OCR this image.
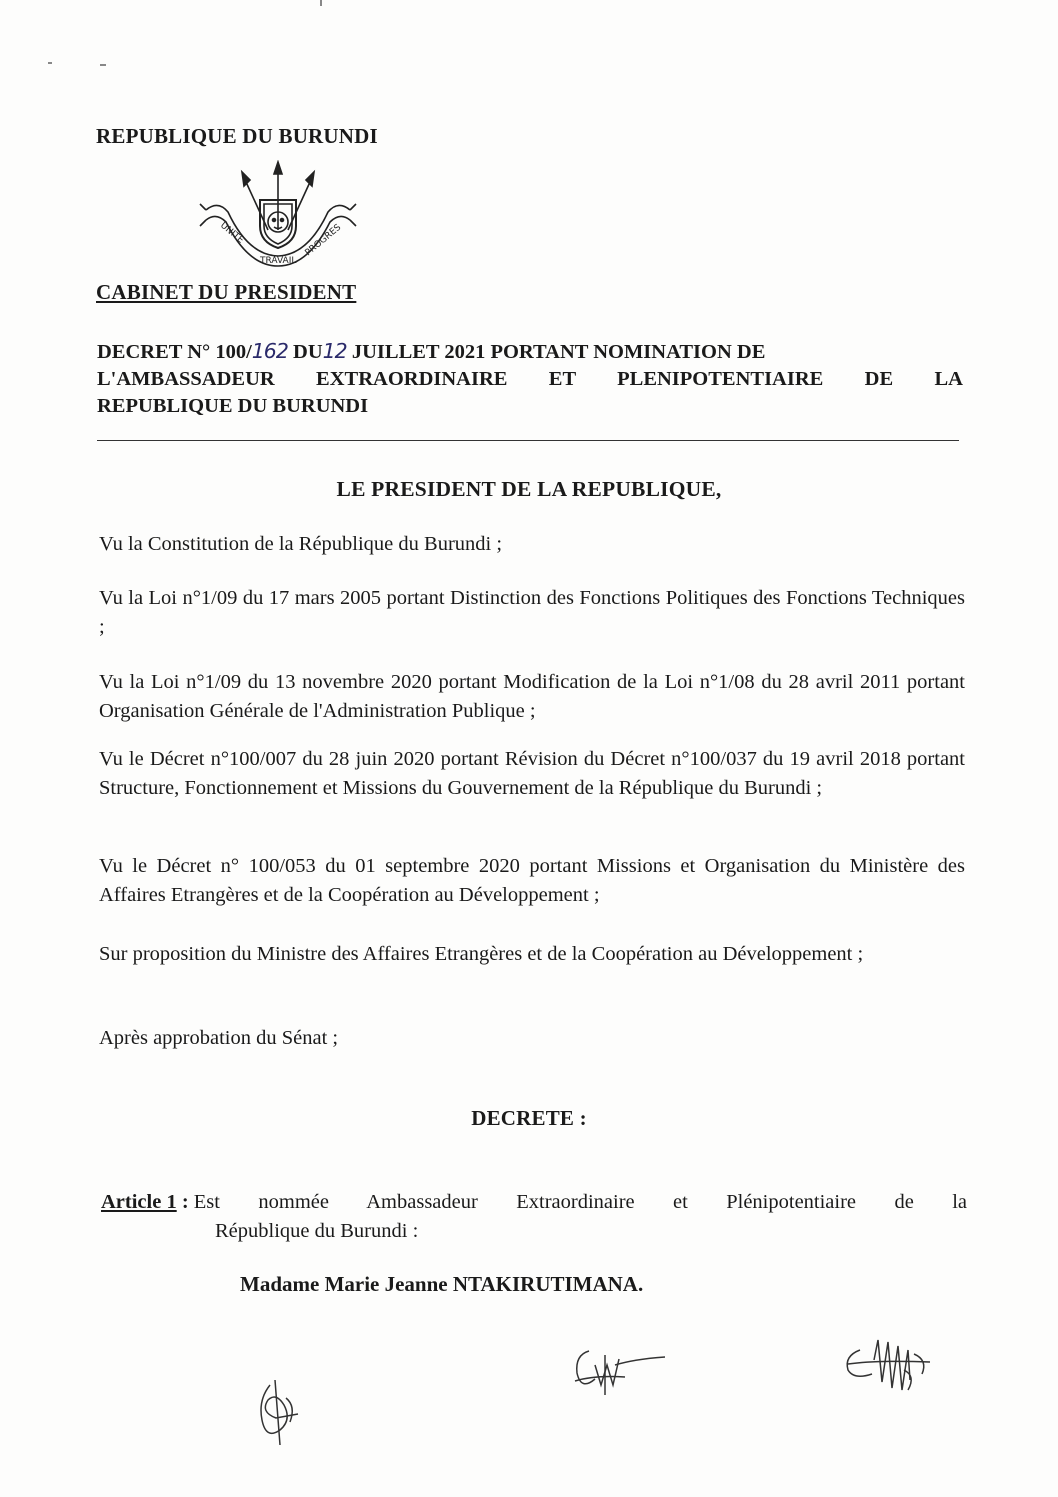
REPUBLIQUE DU BURUNDI
UNITE
TRAVAIL
PROGRES
CABINET DU PRESIDENT
DECRET N° 100/162 DU12 JUILLET 2021 PORTANT NOMINATION DE
L'AMBASSADEUR EXTRAORDINAIRE ET PLENIPOTENTIAIRE DE LA
REPUBLIQUE DU BURUNDI
LE PRESIDENT DE LA REPUBLIQUE,
Vu la Constitution de la République du Burundi ;
Vu la Loi n°1/09 du 17 mars 2005 portant Distinction des Fonctions Politiques des Fonctions Techniques ;
Vu la Loi n°1/09 du 13 novembre 2020 portant Modification de la Loi n°1/08 du 28 avril 2011 portant Organisation Générale de l'Administration Publique ;
Vu le Décret n°100/007 du 28 juin 2020 portant Révision du Décret n°100/037 du 19 avril 2018 portant Structure, Fonctionnement et Missions du Gouvernement de la République du Burundi ;
Vu le Décret n° 100/053 du 01 septembre 2020 portant Missions et Organisation du Ministère des Affaires Etrangères et de la Coopération au Développement ;
Sur proposition du Ministre des Affaires Etrangères et de la Coopération au Développement ;
Après approbation du Sénat ;
DECRETE :
Article 1 : Est nommée Ambassadeur Extraordinaire et Plénipotentiaire de la
République du Burundi :
Madame Marie Jeanne NTAKIRUTIMANA.
